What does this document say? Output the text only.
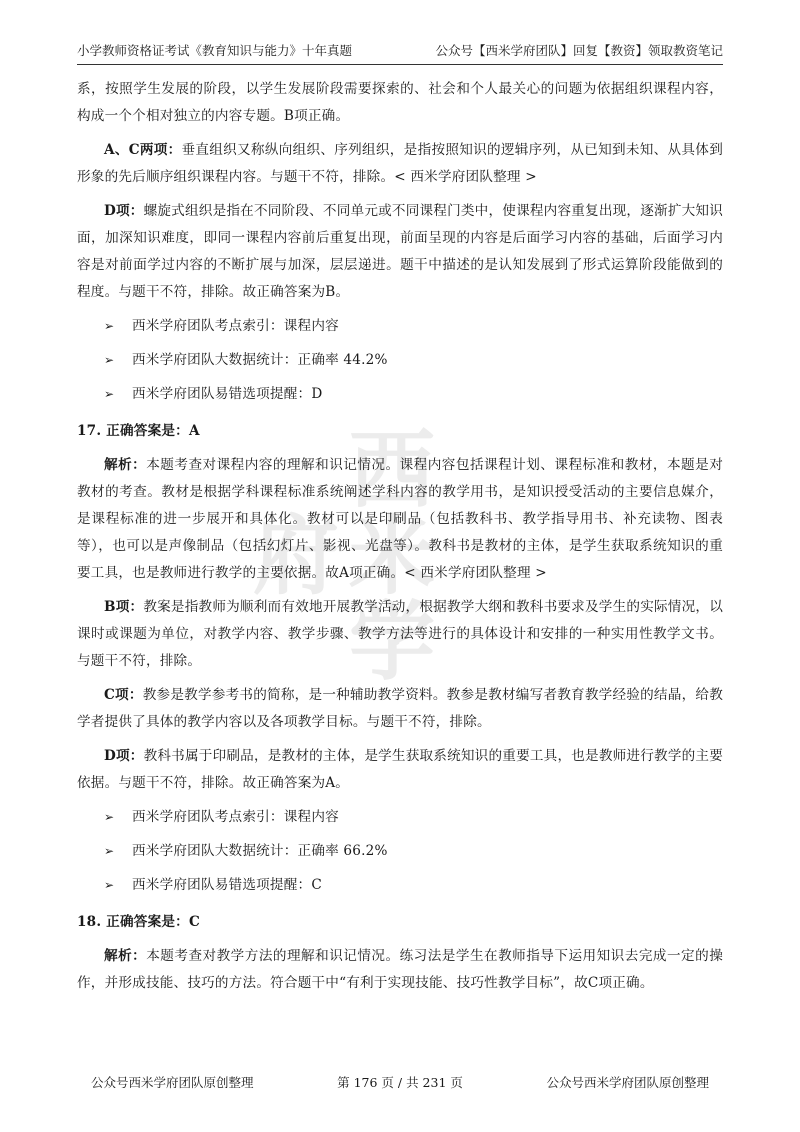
小学教师资格证考试《教育知识与能力》十年真题	公众号【西米学府团队】回复【教资】领取教资笔记
西米学府

系，按照学生发展的阶段，以学生发展阶段需要探索的、社会和个人最关心的问题为依据组织课程内容，构成一个个相对独立的内容专题。B项正确。

A、C两项：垂直组织又称纵向组织、序列组织，是指按照知识的逻辑序列，从已知到未知、从具体到形象的先后顺序组织课程内容。与题干不符，排除。< 西米学府团队整理 >

D项：螺旋式组织是指在不同阶段、不同单元或不同课程门类中，使课程内容重复出现，逐渐扩大知识面，加深知识难度，即同一课程内容前后重复出现，前面呈现的内容是后面学习内容的基础，后面学习内容是对前面学过内容的不断扩展与加深，层层递进。题干中描述的是认知发展到了形式运算阶段能做到的程度。与题干不符，排除。故正确答案为B。

➢ 西米学府团队考点索引：课程内容
➢ 西米学府团队大数据统计：正确率 44.2%
➢ 西米学府团队易错选项提醒：D
17. 正确答案是：A

解析：本题考查对课程内容的理解和识记情况。课程内容包括课程计划、课程标准和教材，本题是对教材的考查。教材是根据学科课程标准系统阐述学科内容的教学用书，是知识授受活动的主要信息媒介，是课程标准的进一步展开和具体化。教材可以是印刷品（包括教科书、教学指导用书、补充读物、图表等），也可以是声像制品（包括幻灯片、影视、光盘等）。教科书是教材的主体，是学生获取系统知识的重要工具，也是教师进行教学的主要依据。故A项正确。< 西米学府团队整理 >

B项：教案是指教师为顺利而有效地开展教学活动，根据教学大纲和教科书要求及学生的实际情况，以课时或课题为单位，对教学内容、教学步骤、教学方法等进行的具体设计和安排的一种实用性教学文书。与题干不符，排除。

C项：教参是教学参考书的简称，是一种辅助教学资料。教参是教材编写者教育教学经验的结晶，给教学者提供了具体的教学内容以及各项教学目标。与题干不符，排除。

D项：教科书属于印刷品，是教材的主体，是学生获取系统知识的重要工具，也是教师进行教学的主要依据。与题干不符，排除。故正确答案为A。

➢ 西米学府团队考点索引：课程内容
➢ 西米学府团队大数据统计：正确率 66.2%
➢ 西米学府团队易错选项提醒：C
18. 正确答案是：C

解析：本题考查对教学方法的理解和识记情况。练习法是学生在教师指导下运用知识去完成一定的操作，并形成技能、技巧的方法。符合题干中“有利于实现技能、技巧性教学目标”，故C项正确。

公众号西米学府团队原创整理	第 176 页 / 共 231 页	公众号西米学府团队原创整理
